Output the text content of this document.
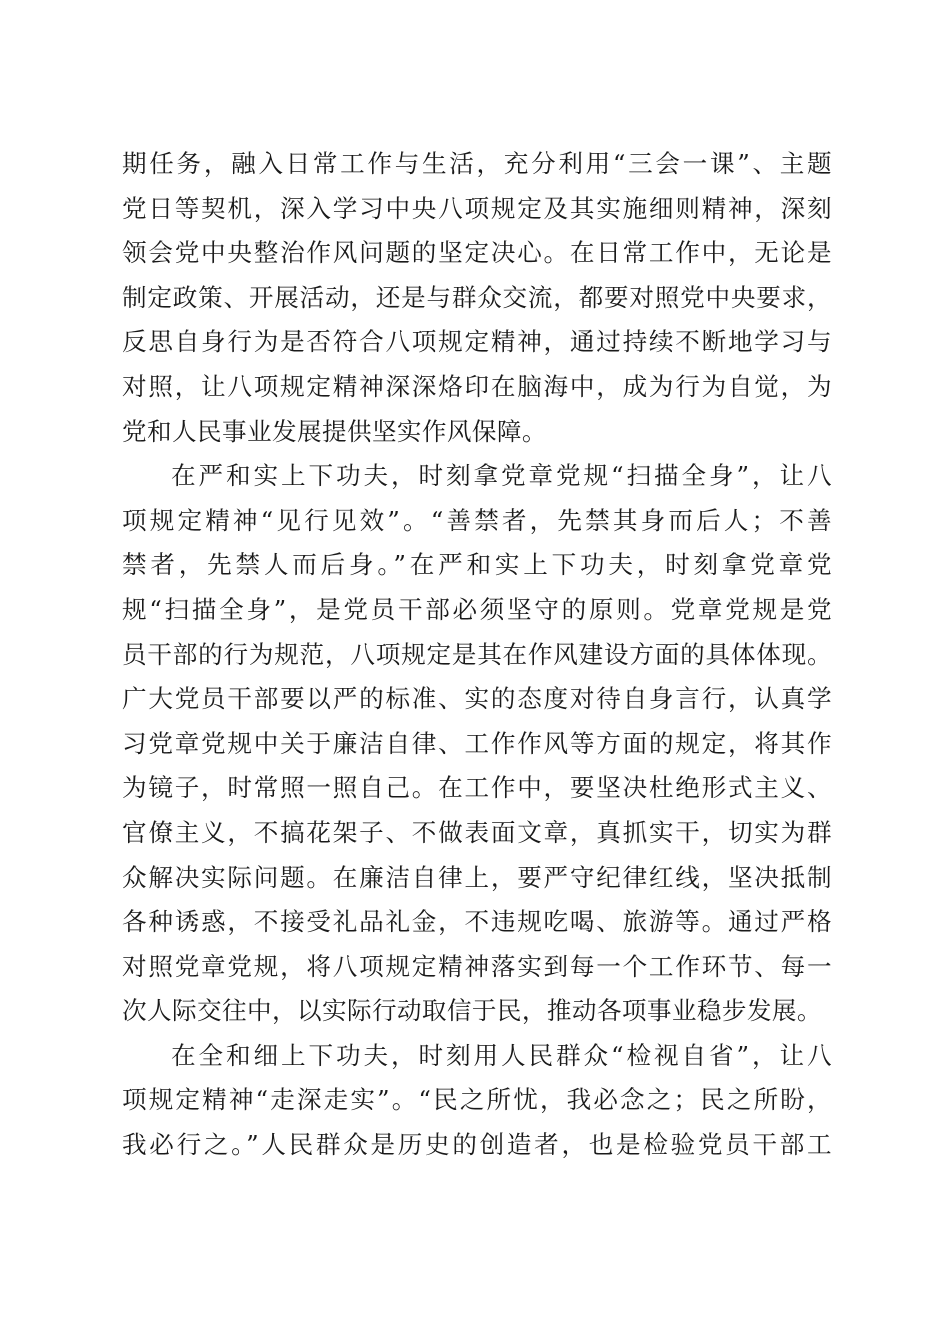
期任务，融入日常工作与生活，充分利用“三会一课”、主题
党日等契机，深入学习中央八项规定及其实施细则精神，深刻
领会党中央整治作风问题的坚定决心。在日常工作中，无论是
制定政策、开展活动，还是与群众交流，都要对照党中央要求，
反思自身行为是否符合八项规定精神，通过持续不断地学习与
对照，让八项规定精神深深烙印在脑海中，成为行为自觉，为
党和人民事业发展提供坚实作风保障。
在严和实上下功夫，时刻拿党章党规“扫描全身”，让八
项规定精神“见行见效”。“善禁者，先禁其身而后人；不善
禁者，先禁人而后身。”在严和实上下功夫，时刻拿党章党
规“扫描全身”，是党员干部必须坚守的原则。党章党规是党
员干部的行为规范，八项规定是其在作风建设方面的具体体现。
广大党员干部要以严的标准、实的态度对待自身言行，认真学
习党章党规中关于廉洁自律、工作作风等方面的规定，将其作
为镜子，时常照一照自己。在工作中，要坚决杜绝形式主义、
官僚主义，不搞花架子、不做表面文章，真抓实干，切实为群
众解决实际问题。在廉洁自律上，要严守纪律红线，坚决抵制
各种诱惑，不接受礼品礼金，不违规吃喝、旅游等。通过严格
对照党章党规，将八项规定精神落实到每一个工作环节、每一
次人际交往中，以实际行动取信于民，推动各项事业稳步发展。
在全和细上下功夫，时刻用人民群众“检视自省”，让八
项规定精神“走深走实”。“民之所忧，我必念之；民之所盼，
我必行之。”人民群众是历史的创造者，也是检验党员干部工
